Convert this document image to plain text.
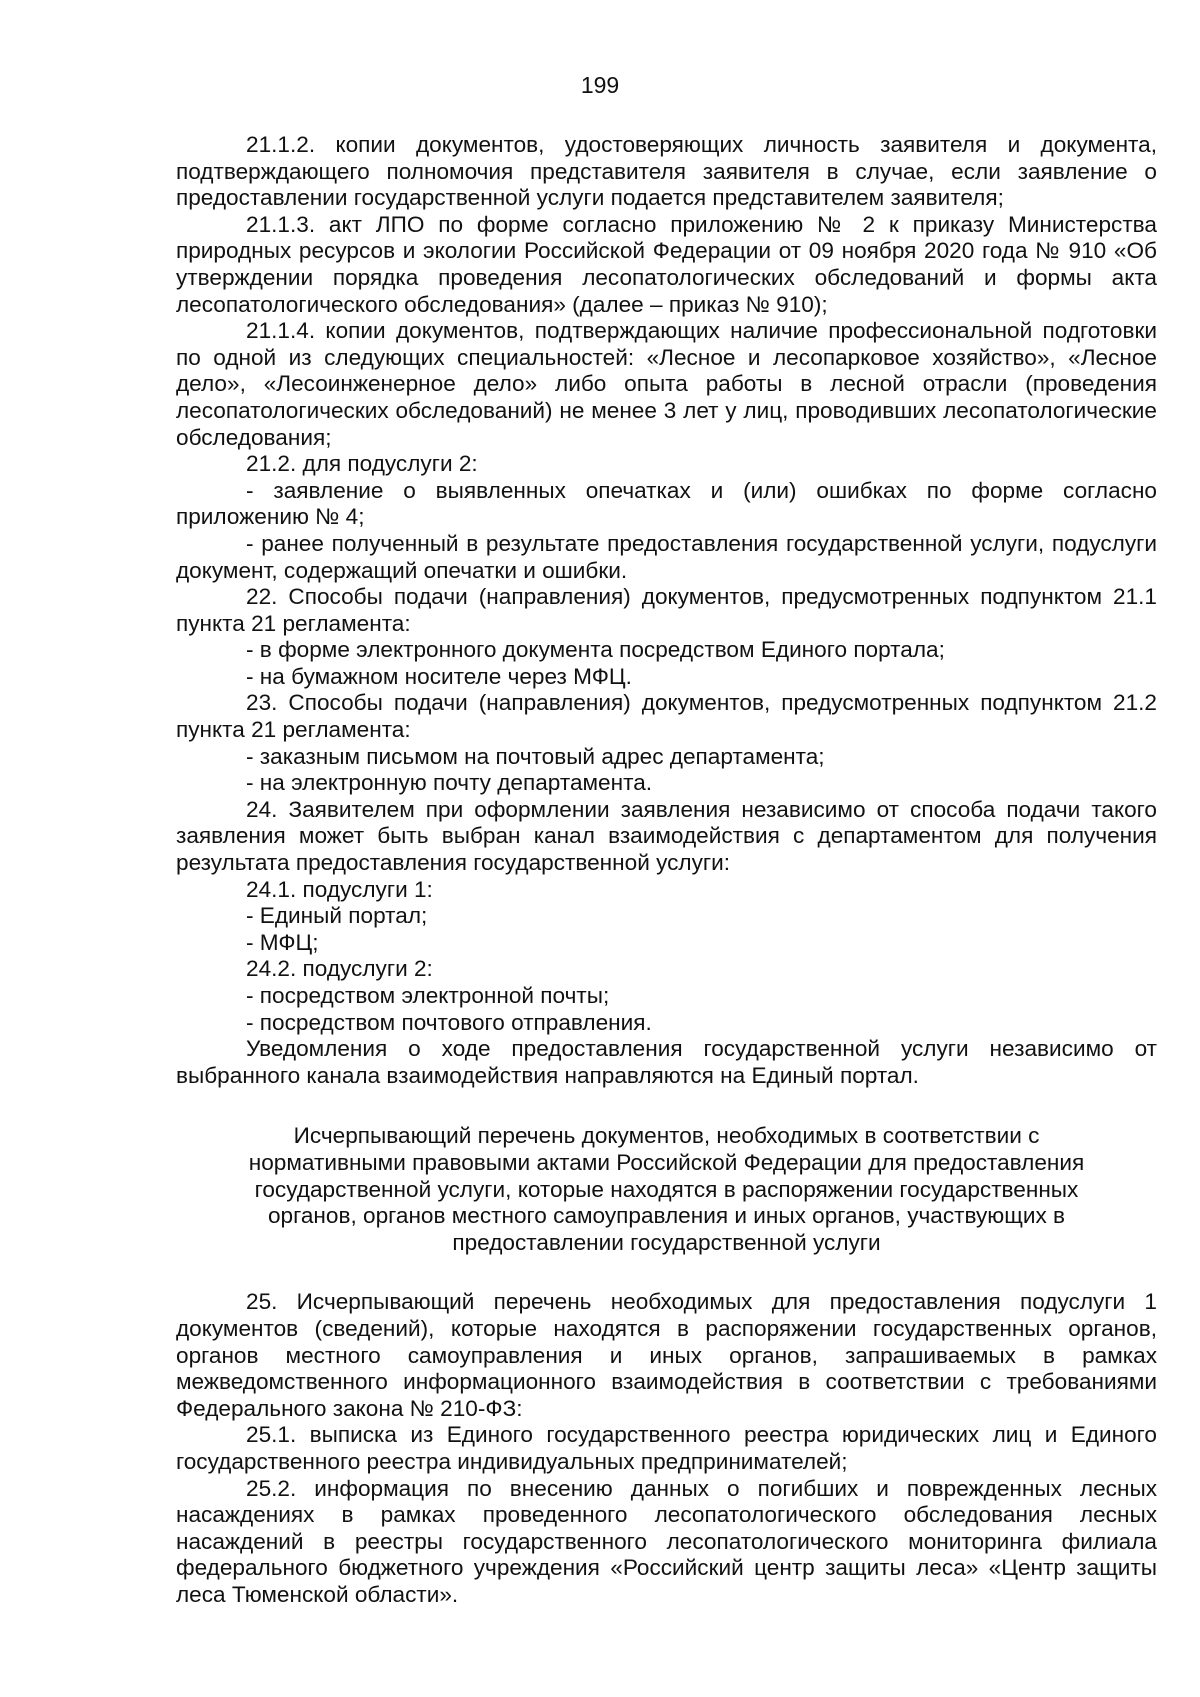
199

21.1.2. копии документов, удостоверяющих личность заявителя и документа, подтверждающего полномочия представителя заявителя в случае, если заявление о предоставлении государственной услуги подается представителем заявителя;

21.1.3. акт ЛПО по форме согласно приложению № 2 к приказу Министерства природных ресурсов и экологии Российской Федерации от 09 ноября 2020 года № 910 «Об утверждении порядка проведения лесопатологических обследований и формы акта лесопатологического обследования» (далее – приказ № 910);

21.1.4. копии документов, подтверждающих наличие профессиональной подготовки по одной из следующих специальностей: «Лесное и лесопарковое хозяйство», «Лесное дело», «Лесоинженерное дело» либо опыта работы в лесной отрасли (проведения лесопатологических обследований) не менее 3 лет у лиц, проводивших лесопатологические обследования;

21.2. для подуслуги 2:

- заявление о выявленных опечатках и (или) ошибках по форме согласно приложению № 4;

- ранее полученный в результате предоставления государственной услуги, подуслуги документ, содержащий опечатки и ошибки.

22. Способы подачи (направления) документов, предусмотренных подпунктом 21.1 пункта 21 регламента:

- в форме электронного документа посредством Единого портала;

- на бумажном носителе через МФЦ.

23. Способы подачи (направления) документов, предусмотренных подпунктом 21.2 пункта 21 регламента:

- заказным письмом на почтовый адрес департамента;

- на электронную почту департамента.

24. Заявителем при оформлении заявления независимо от способа подачи такого заявления может быть выбран канал взаимодействия с департаментом для получения результата предоставления государственной услуги:

24.1. подуслуги 1:

- Единый портал;

- МФЦ;

24.2. подуслуги 2:

- посредством электронной почты;

- посредством почтового отправления.

Уведомления о ходе предоставления государственной услуги независимо от выбранного канала взаимодействия направляются на Единый портал.

Исчерпывающий перечень документов, необходимых в соответствии с
нормативными правовыми актами Российской Федерации для предоставления
государственной услуги, которые находятся в распоряжении государственных
органов, органов местного самоуправления и иных органов, участвующих в
предоставлении государственной услуги

25. Исчерпывающий перечень необходимых для предоставления подуслуги 1 документов (сведений), которые находятся в распоряжении государственных органов, органов местного самоуправления и иных органов, запрашиваемых в рамках межведомственного информационного взаимодействия в соответствии с требованиями Федерального закона № 210-ФЗ:

25.1. выписка из Единого государственного реестра юридических лиц и Единого государственного реестра индивидуальных предпринимателей;

25.2. информация по внесению данных о погибших и поврежденных лесных насаждениях в рамках проведенного лесопатологического обследования лесных насаждений в реестры государственного лесопатологического мониторинга филиала федерального бюджетного учреждения «Российский центр защиты леса» «Центр защиты леса Тюменской области».
